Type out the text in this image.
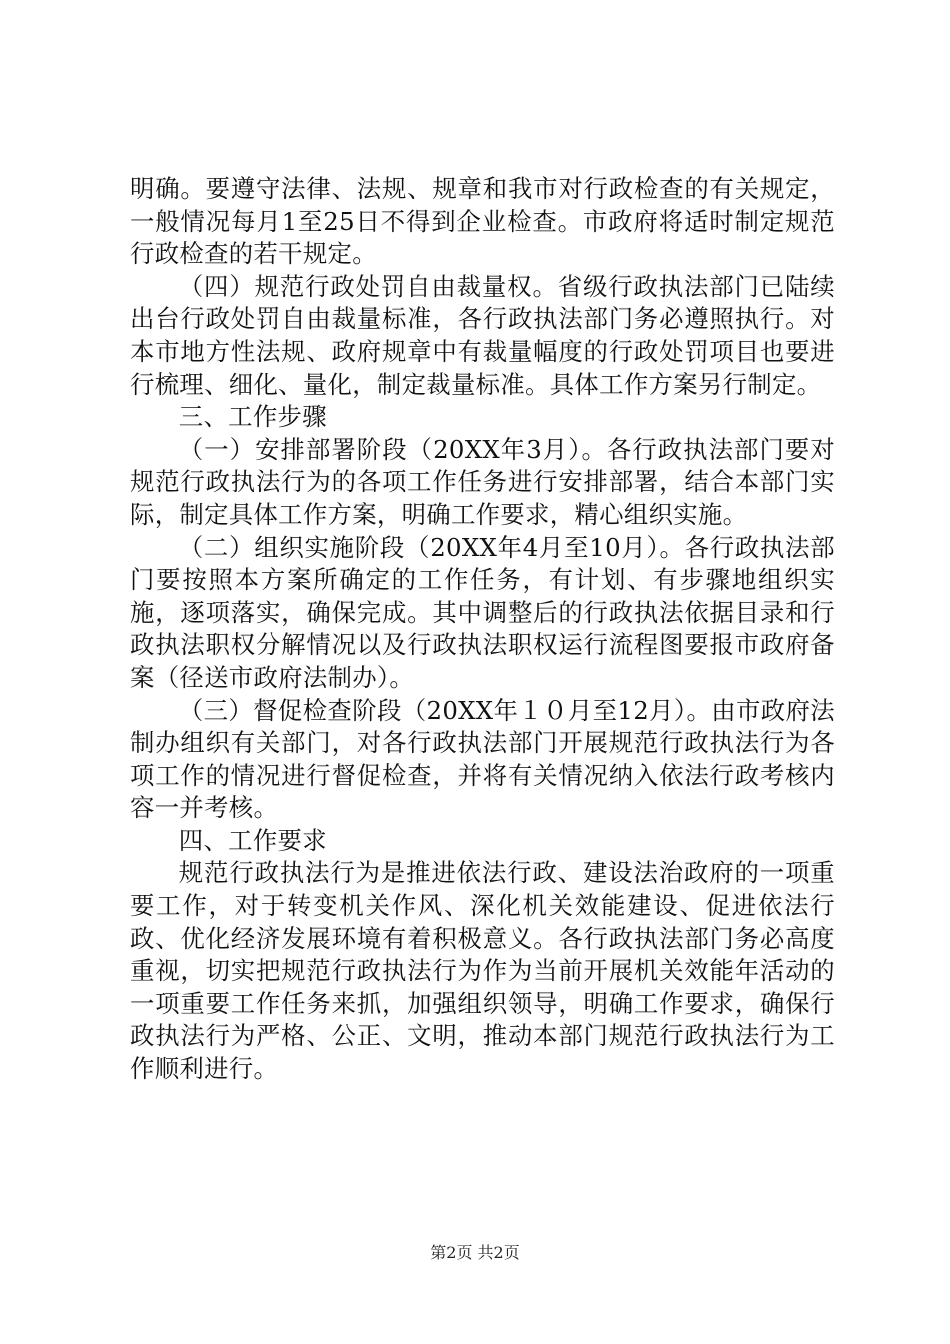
明确。要遵守法律、法规、规章和我市对行政检查的有关规定，一般情况每月1至25日不得到企业检查。市政府将适时制定规范行政检查的若干规定。

（四）规范行政处罚自由裁量权。省级行政执法部门已陆续出台行政处罚自由裁量标准，各行政执法部门务必遵照执行。对本市地方性法规、政府规章中有裁量幅度的行政处罚项目也要进行梳理、细化、量化，制定裁量标准。具体工作方案另行制定。

三、工作步骤

（一）安排部署阶段（20XX年3月）。各行政执法部门要对规范行政执法行为的各项工作任务进行安排部署，结合本部门实际，制定具体工作方案，明确工作要求，精心组织实施。

（二）组织实施阶段（20XX年4月至10月）。各行政执法部门要按照本方案所确定的工作任务，有计划、有步骤地组织实施，逐项落实，确保完成。其中调整后的行政执法依据目录和行政执法职权分解情况以及行政执法职权运行流程图要报市政府备案（径送市政府法制办）。

（三）督促检查阶段（20XX年１０月至12月）。由市政府法制办组织有关部门，对各行政执法部门开展规范行政执法行为各项工作的情况进行督促检查，并将有关情况纳入依法行政考核内容一并考核。

四、工作要求

规范行政执法行为是推进依法行政、建设法治政府的一项重要工作，对于转变机关作风、深化机关效能建设、促进依法行政、优化经济发展环境有着积极意义。各行政执法部门务必高度重视，切实把规范行政执法行为作为当前开展机关效能年活动的一项重要工作任务来抓，加强组织领导，明确工作要求，确保行政执法行为严格、公正、文明，推动本部门规范行政执法行为工作顺利进行。

第2页 共2页
